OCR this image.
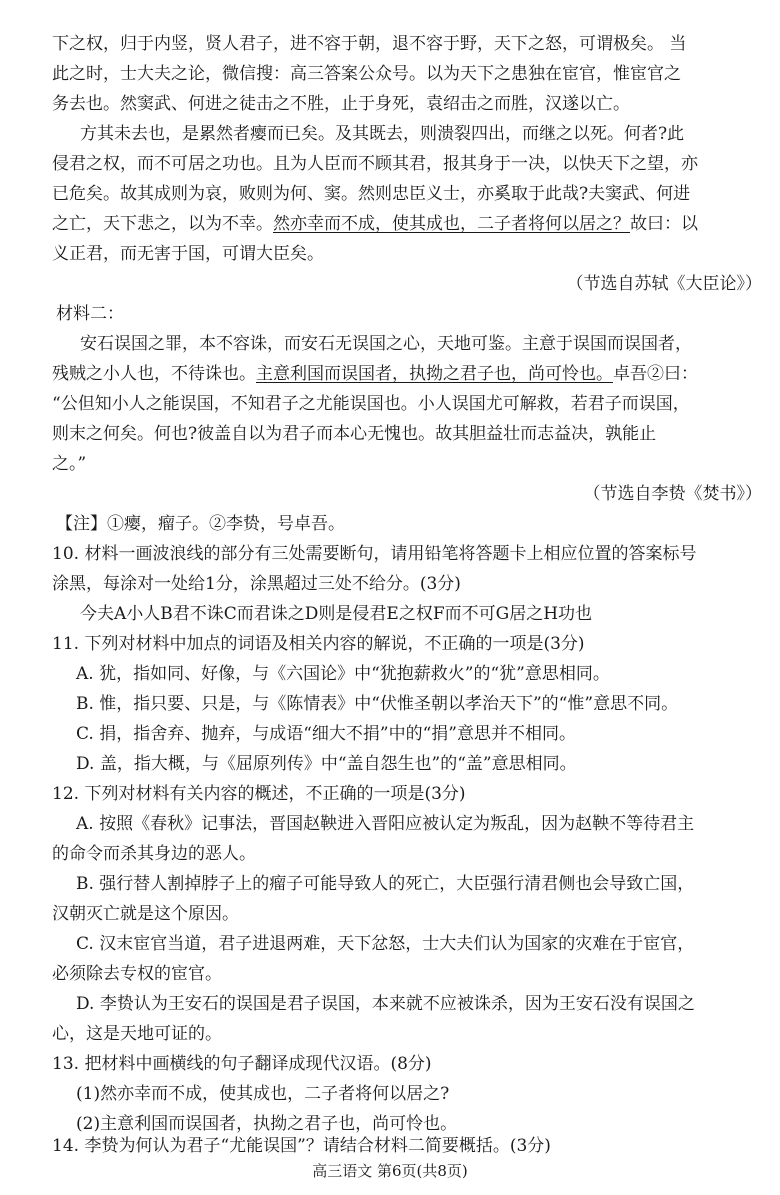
下之权，归于内竖，贤人君子，进不容于朝，退不容于野，天下之怒，可谓极矣。 当
此之时，士大夫之论，微信搜：高三答案公众号。以为天下之患独在宦官，惟宦官之
务去也。然窦武、何进之徒击之不胜，止于身死，袁绍击之而胜，汉遂以亡。
方其未去也，是累然者瘿而已矣。及其既去，则溃裂四出，而继之以死。何者?此
侵君之权，而不可居之功也。且为人臣而不顾其君，报其身于一决，以快天下之望，亦
已危矣。故其成则为哀，败则为何、窦。然则忠臣义士，亦奚取于此哉?夫窦武、何进
之亡，天下悲之，以为不幸。然亦幸而不成，使其成也，二子者将何以居之？故曰：以
义正君，而无害于国，可谓大臣矣。
（节选自苏轼《大臣论》）
材料二：
安石误国之罪，本不容诛，而安石无误国之心，天地可鉴。主意于误国而误国者，
残贼之小人也，不待诛也。主意利国而误国者，执拗之君子也，尚可怜也。卓吾②曰：
“公但知小人之能误国，不知君子之尤能误国也。小人误国尤可解救，若君子而误国，
则末之何矣。何也?彼盖自以为君子而本心无愧也。故其胆益壮而志益决，孰能止
之。”
（节选自李贽《焚书》）
【注】①瘿，瘤子。②李贽，号卓吾。
10. 材料一画波浪线的部分有三处需要断句，请用铅笔将答题卡上相应位置的答案标号
涂黑，每涂对一处给1分，涂黑超过三处不给分。(3分)
今夫A小人B君不诛C而君诛之D则是侵君E之权F而不可G居之H功也
11. 下列对材料中加点的词语及相关内容的解说，不正确的一项是(3分)
A. 犹，指如同、好像，与《六国论》中“犹抱薪救火”的“犹”意思相同。
B. 惟，指只要、只是，与《陈情表》中“伏惟圣朝以孝治天下”的“惟”意思不同。
C. 捐，指舍弃、抛弃，与成语“细大不捐”中的“捐”意思并不相同。
D. 盖，指大概，与《屈原列传》中“盖自怨生也”的“盖”意思相同。
12. 下列对材料有关内容的概述，不正确的一项是(3分)
A. 按照《春秋》记事法，晋国赵鞅进入晋阳应被认定为叛乱，因为赵鞅不等待君主
的命令而杀其身边的恶人。
B. 强行替人割掉脖子上的瘤子可能导致人的死亡，大臣强行清君侧也会导致亡国，
汉朝灭亡就是这个原因。
C. 汉末宦官当道，君子进退两难，天下忿怒，士大夫们认为国家的灾难在于宦官，
必须除去专权的宦官。
D. 李贽认为王安石的误国是君子误国，本来就不应被诛杀，因为王安石没有误国之
心，这是天地可证的。
13. 把材料中画横线的句子翻译成现代汉语。(8分)
(1)然亦幸而不成，使其成也，二子者将何以居之?
(2)主意利国而误国者，执拗之君子也，尚可怜也。
14. 李贽为何认为君子“尤能误国”？请结合材料二简要概括。(3分)
高三语文 第6页(共8页)
